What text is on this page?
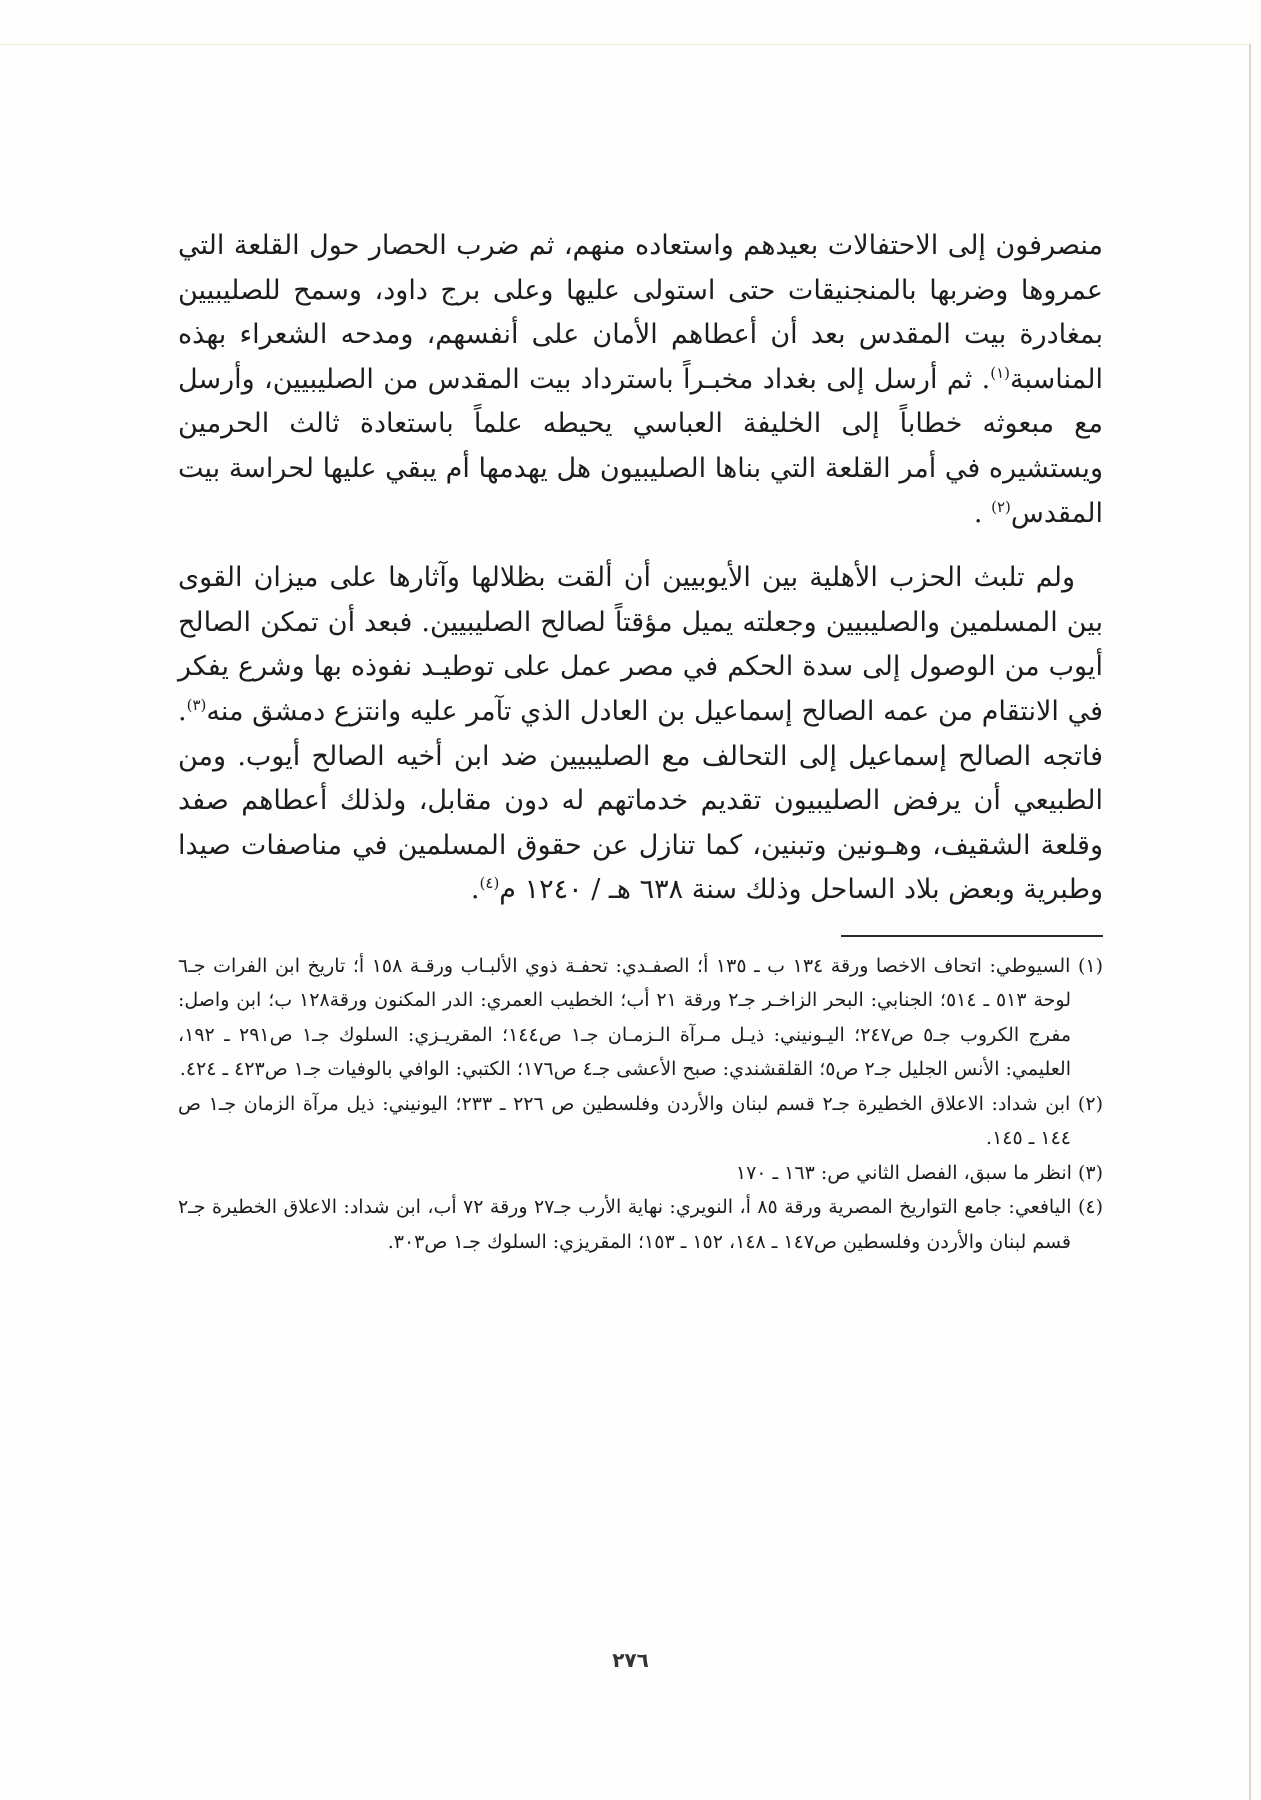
منصرفون إلى الاحتفالات بعيدهم واستعاده منهم، ثم ضرب الحصار حول القلعة التي عمروها وضربها بالمنجنيقات حتى استولى عليها وعلى برج داود، وسمح للصليبيين بمغادرة بيت المقدس بعد أن أعطاهم الأمان على أنفسهم، ومدحه الشعراء بهذه المناسبة$^{(١)}$. ثم أرسل إلى بغداد مخبـراً باسترداد بيت المقدس من الصليبيين، وأرسل مع مبعوثه خطاباً إلى الخليفة العباسي يحيطه علماً باستعادة ثالث الحرمين ويستشيره في أمر القلعة التي بناها الصليبيون هل يهدمها أم يبقي عليها لحراسة بيت المقدس$^{(٢)}$ .

ولم تلبث الحزب الأهلية بين الأيوبيين أن ألقت بظلالها وآثارها على ميزان القوى بين المسلمين والصليبيين وجعلته يميل مؤقتاً لصالح الصليبيين. فبعد أن تمكن الصالح أيوب من الوصول إلى سدة الحكم في مصر عمل على توطيـد نفوذه بها وشرع يفكر في الانتقام من عمه الصالح إسماعيل بن العادل الذي تآمر عليه وانتزع دمشق منه$^{(٣)}$. فاتجه الصالح إسماعيل إلى التحالف مع الصليبيين ضد ابن أخيه الصالح أيوب. ومن الطبيعي أن يرفض الصليبيون تقديم خدماتهم له دون مقابل، ولذلك أعطاهم صفد وقلعة الشقيف، وهـونين وتبنين، كما تنازل عن حقوق المسلمين في مناصفات صيدا وطبرية وبعض بلاد الساحل وذلك سنة ٦٣٨ هـ / ١٢٤٠ م$^{(٤)}$.

(١) السيوطي: اتحاف الاخصا ورقة ١٣٤ ب ـ ١٣٥ أ؛ الصفـدي: تحفـة ذوي الألبـاب ورقـة ١٥٨ أ؛ تاريخ ابن الفرات جـ٦ لوحة ٥١٣ ـ ٥١٤؛ الجنابي: البحر الزاخـر جـ٢ ورقة ٢١ أب؛ الخطيب العمري: الدر المكنون ورقة١٢٨ ب؛ ابن واصل: مفرج الكروب جـ٥ ص٢٤٧؛ اليـونيني: ذيـل مـرآة الـزمـان جـ١ ص١٤٤؛ المقريـزي: السلوك جـ١ ص٢٩١ ـ ١٩٢، العليمي: الأنس الجليل جـ٢ ص٥؛ القلقشندي: صبح الأعشى جـ٤ ص١٧٦؛ الكتبي: الوافي بالوفيات جـ١ ص٤٢٣ ـ ٤٢٤.

(٢) ابن شداد: الاعلاق الخطيرة جـ٢ قسم لبنان والأردن وفلسطين ص ٢٢٦ ـ ٢٣٣؛ اليونيني: ذيل مرآة الزمان جـ١ ص ١٤٤ ـ ١٤٥.

(٣) انظر ما سبق، الفصل الثاني ص: ١٦٣ ـ ١٧٠

(٤) اليافعي: جامع التواريخ المصرية ورقة ٨٥ أ، النويري: نهاية الأرب جـ٢٧ ورقة ٧٢ أب، ابن شداد: الاعلاق الخطيرة جـ٢ قسم لبنان والأردن وفلسطين ص١٤٧ ـ ١٤٨، ١٥٢ ـ ١٥٣؛ المقريزي: السلوك جـ١ ص٣٠٣.

٢٧٦
